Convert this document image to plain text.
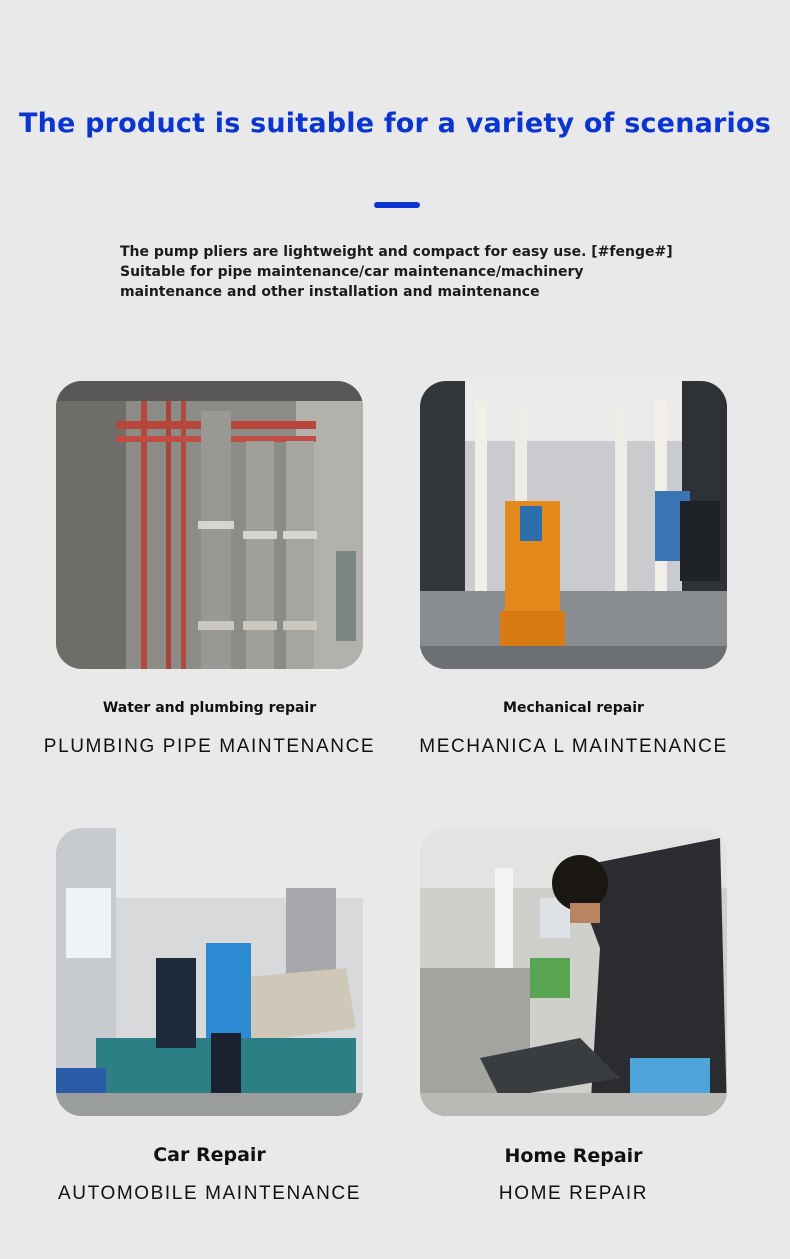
The product is suitable for a variety of scenarios
The pump pliers are lightweight and compact for easy use. [#fenge#] Suitable for pipe maintenance/car maintenance/machinery maintenance and other installation and maintenance
Water and plumbing repair
PLUMBING PIPE MAINTENANCE
Mechanical repair
MECHANICA L MAINTENANCE
Car Repair
AUTOMOBILE MAINTENANCE
Home Repair
HOME REPAIR
